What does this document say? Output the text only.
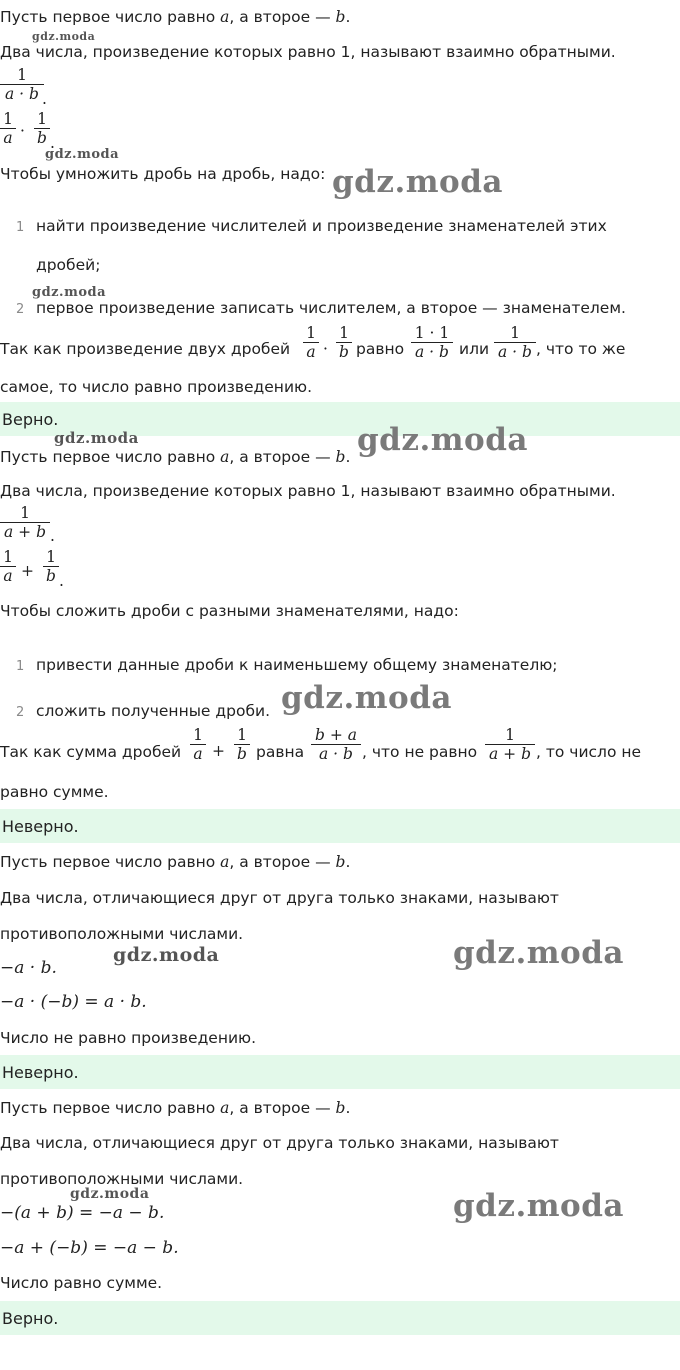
Пусть первое число равно a, а второе — b.
Два числа, произведение которых равно 1, называют взаимно обратными.
$\frac{1}{a \cdot b}$
.
$\frac{1}{a} \cdot \frac{1}{b}$ .
Чтобы умножить дробь на дробь, надо:
1 найти произведение числителей и произведение знаменателей этих
дробей;
2 первое произведение записать числителем, а второе — знаменателем.
Так как произведение двух дробей $\frac{1}{a} \cdot \frac{1}{b}$ равно $\frac{1 \cdot 1}{a \cdot b}$ или $\frac{1}{a \cdot b}$ , что то же
самое, то число равно произведению.
Верно.
Пусть первое число равно a, а второе — b.
Два числа, произведение которых равно 1, называют взаимно обратными.
$\frac{1}{a + b}$ .
$\frac{1}{a} + \frac{1}{b}$ .
Чтобы сложить дроби с разными знаменателями, надо:
1 привести данные дроби к наименьшему общему знаменателю;
2 сложить полученные дроби.
Так как сумма дробей $\frac{1}{a} + \frac{1}{b}$ равна $\frac{b + a}{a \cdot b}$ , что не равно $\frac{1}{a + b}$ , то число не
равно сумме.
Неверно.
Пусть первое число равно a, а второе — b.
Два числа, отличающиеся друг от друга только знаками, называют
противоположными числами.
−a · b.
−a · (−b) = a · b.
Число не равно произведению.
Неверно.
Пусть первое число равно a, а второе — b.
Два числа, отличающиеся друг от друга только знаками, называют
противоположными числами.
−(a + b) = −a − b.
−a + (−b) = −a − b.
Число равно сумме.
Верно.
gdz.moda
gdz.moda
gdz.moda
gdz.moda
gdz.moda	gdz.moda
gdz.moda
gdz.moda
gdz.moda
gdz.moda	gdz.moda
